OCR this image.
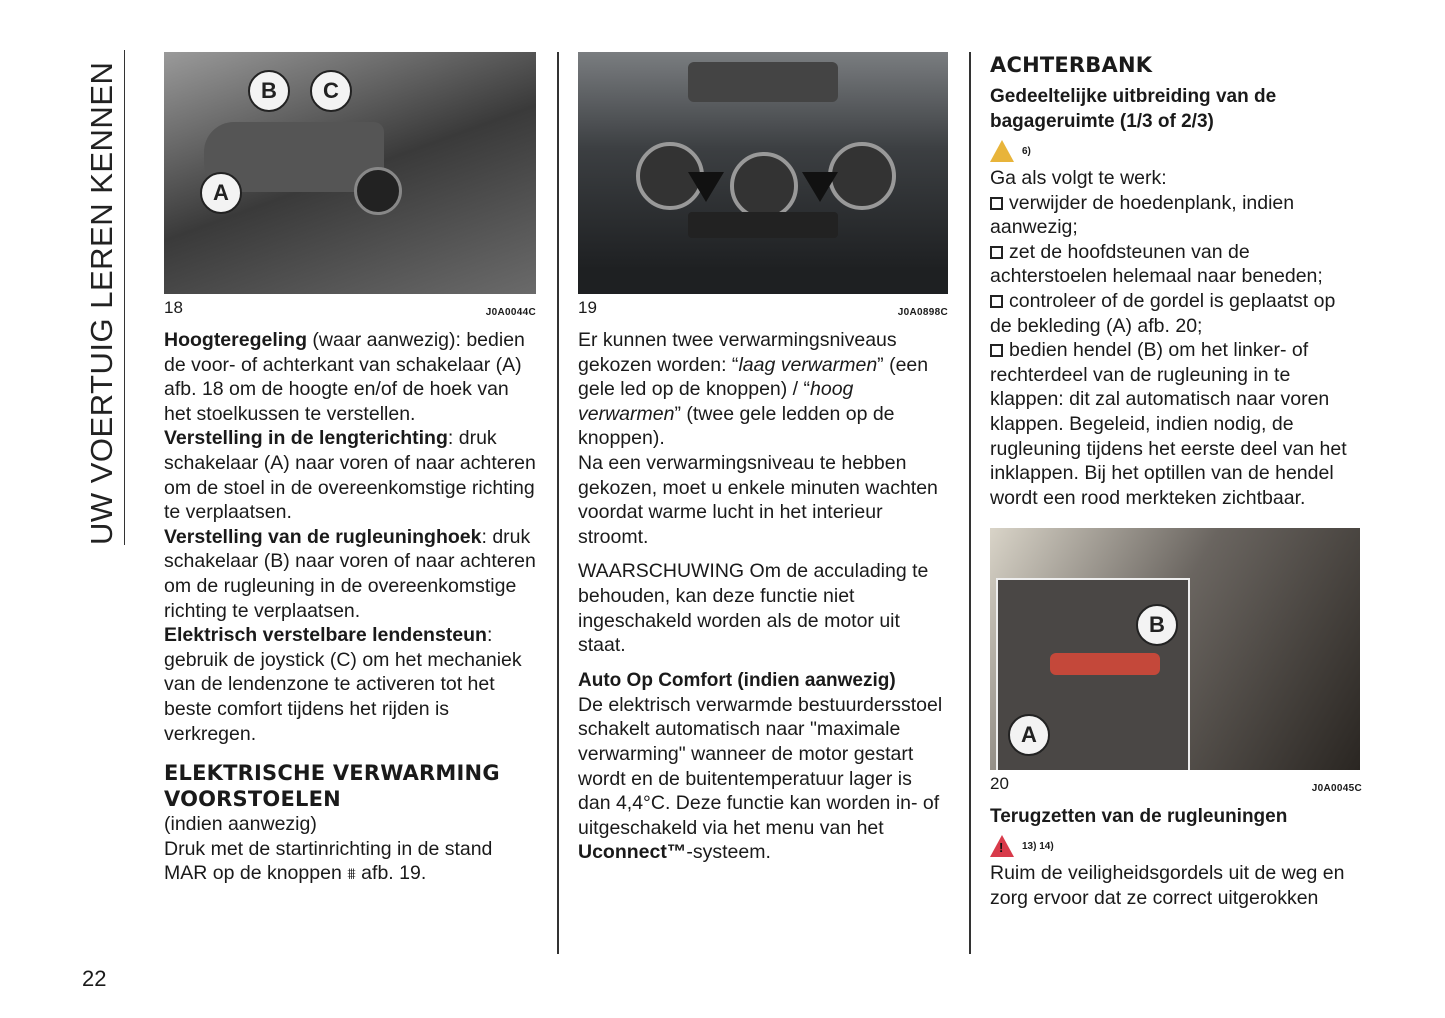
UW VOERTUIG LEREN KENNEN
22
B	C
A
18	J0A0044C

Hoogteregeling (waar aanwezig): bedien de voor- of achterkant van schakelaar (A) afb. 18 om de hoogte en/of de hoek van het stoelkussen te verstellen.

Verstelling in de lengterichting: druk schakelaar (A) naar voren of naar achteren om de stoel in de overeenkomstige richting te verplaatsen.

Verstelling van de rugleuninghoek: druk schakelaar (B) naar voren of naar achteren om de rugleuning in de overeenkomstige richting te verplaatsen.

Elektrisch verstelbare lendensteun: gebruik de joystick (C) om het mechaniek van de lendenzone te activeren tot het beste comfort tijdens het rijden is verkregen.

ELEKTRISCHE VERWARMING VOORSTOELEN

(indien aanwezig)

Druk met de startinrichting in de stand MAR op de knoppen ⩩ afb. 19.

19	J0A0898C

Er kunnen twee verwarmingsniveaus gekozen worden: “laag verwarmen” (een gele led op de knoppen) / “hoog verwarmen” (twee gele ledden op de knoppen).

Na een verwarmingsniveau te hebben gekozen, moet u enkele minuten wachten voordat warme lucht in het interieur stroomt.

WAARSCHUWING Om de acculading te behouden, kan deze functie niet ingeschakeld worden als de motor uit staat.

Auto Op Comfort (indien aanwezig)

De elektrisch verwarmde bestuurdersstoel schakelt automatisch naar "maximale verwarming" wanneer de motor gestart wordt en de buitentemperatuur lager is dan 4,4°C. Deze functie kan worden in- of uitgeschakeld via het menu van het Uconnect™-systeem.

ACHTERBANK
Gedeeltelijke uitbreiding van de bagageruimte (1/3 of 2/3)
6)

Ga als volgt te werk:

verwijder de hoedenplank, indien aanwezig;

zet de hoofdsteunen van de achterstoelen helemaal naar beneden;

controleer of de gordel is geplaatst op de bekleding (A) afb. 20;

bedien hendel (B) om het linker- of rechterdeel van de rugleuning in te klappen: dit zal automatisch naar voren klappen. Begeleid, indien nodig, de rugleuning tijdens het eerste deel van het inklappen. Bij het optillen van de hendel wordt een rood merkteken zichtbaar.

B
A
20	J0A0045C
Terugzetten van de rugleuningen
! 13) 14)

Ruim de veiligheidsgordels uit de weg en zorg ervoor dat ze correct uitgerokken
